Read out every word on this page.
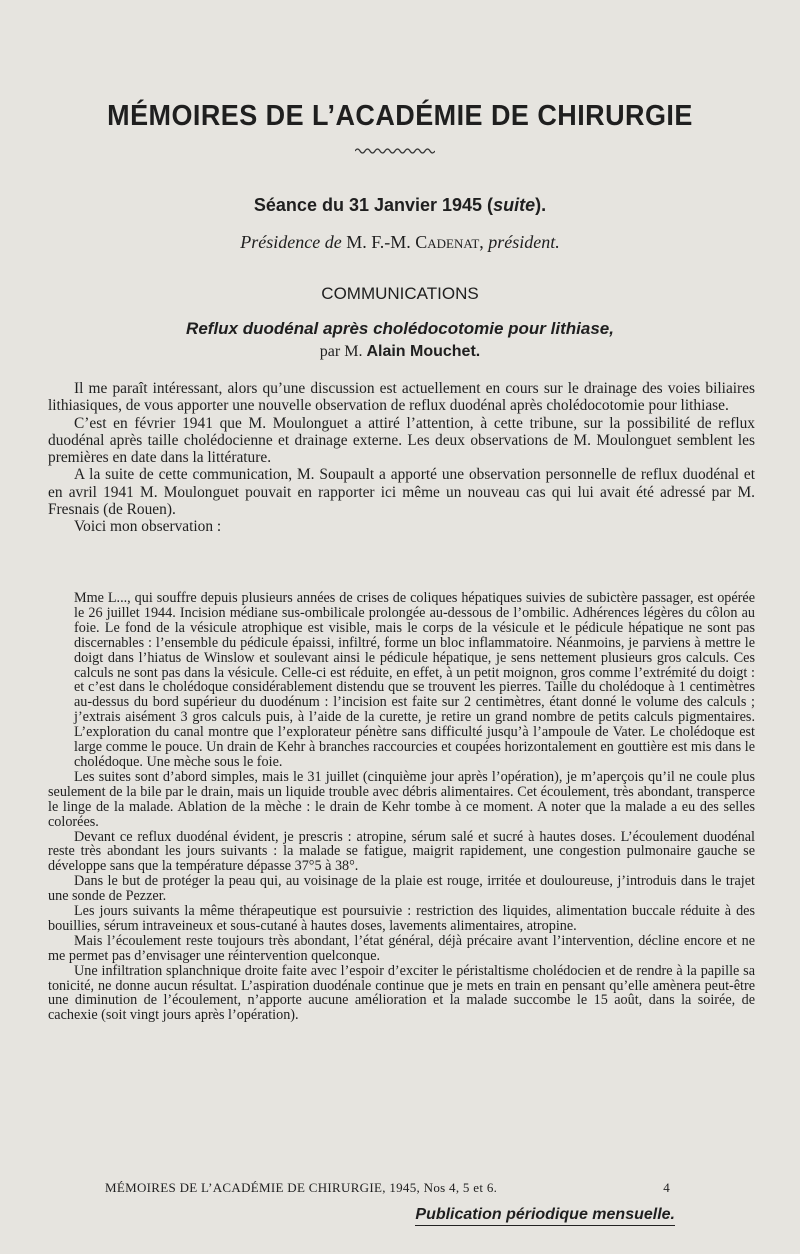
MÉMOIRES DE L’ACADÉMIE DE CHIRURGIE
Séance du 31 Janvier 1945 (suite).
Présidence de M. F.-M. Cadenat, président.
COMMUNICATIONS
Reflux duodénal après cholédocotomie pour lithiase,
par M. Alain Mouchet.

Il me paraît intéressant, alors qu’une discussion est actuellement en cours sur le drainage des voies biliaires lithiasiques, de vous apporter une nouvelle observation de reflux duodénal après cholédocotomie pour lithiase.

C’est en février 1941 que M. Moulonguet a attiré l’attention, à cette tribune, sur la possibilité de reflux duodénal après taille cholédocienne et drainage externe. Les deux observations de M. Moulonguet semblent les premières en date dans la littérature.

A la suite de cette communication, M. Soupault a apporté une observation personnelle de reflux duodénal et en avril 1941 M. Moulonguet pouvait en rapporter ici même un nouveau cas qui lui avait été adressé par M. Fresnais (de Rouen).

Voici mon observation :

Mme L..., qui souffre depuis plusieurs années de crises de coliques hépatiques suivies de subictère passager, est opérée le 26 juillet 1944. Incision médiane sus-ombilicale prolongée au-dessous de l’ombilic. Adhérences légères du côlon au foie. Le fond de la vésicule atrophique est visible, mais le corps de la vésicule et le pédicule hépatique ne sont pas discernables : l’ensemble du pédicule épaissi, infiltré, forme un bloc inflammatoire. Néanmoins, je parviens à mettre le doigt dans l’hiatus de Winslow et soulevant ainsi le pédicule hépatique, je sens nettement plusieurs gros calculs. Ces calculs ne sont pas dans la vésicule. Celle-ci est réduite, en effet, à un petit moignon, gros comme l’extrémité du doigt : et c’est dans le cholédoque considérablement distendu que se trouvent les pierres. Taille du cholédoque à 1 centimètres au-dessus du bord supérieur du duodénum : l’incision est faite sur 2 centimètres, étant donné le volume des calculs ; j’extrais aisément 3 gros calculs puis, à l’aide de la curette, je retire un grand nombre de petits calculs pigmentaires. L’exploration du canal montre que l’explorateur pénètre sans difficulté jusqu’à l’ampoule de Vater. Le cholédoque est large comme le pouce. Un drain de Kehr à branches raccourcies et coupées horizontalement en gouttière est mis dans le cholédoque. Une mèche sous le foie.

Les suites sont d’abord simples, mais le 31 juillet (cinquième jour après l’opération), je m’aperçois qu’il ne coule plus seulement de la bile par le drain, mais un liquide trouble avec débris alimentaires. Cet écoulement, très abondant, transperce le linge de la malade. Ablation de la mèche : le drain de Kehr tombe à ce moment. A noter que la malade a eu des selles colorées.

Devant ce reflux duodénal évident, je prescris : atropine, sérum salé et sucré à hautes doses. L’écoulement duodénal reste très abondant les jours suivants : la malade se fatigue, maigrit rapidement, une congestion pulmonaire gauche se développe sans que la température dépasse 37°5 à 38°.

Dans le but de protéger la peau qui, au voisinage de la plaie est rouge, irritée et douloureuse, j’introduis dans le trajet une sonde de Pezzer.

Les jours suivants la même thérapeutique est poursuivie : restriction des liquides, alimentation buccale réduite à des bouillies, sérum intraveineux et sous-cutané à hautes doses, lavements alimentaires, atropine.

Mais l’écoulement reste toujours très abondant, l’état général, déjà précaire avant l’intervention, décline encore et ne me permet pas d’envisager une réintervention quelconque.

Une infiltration splanchnique droite faite avec l’espoir d’exciter le péristaltisme cholédocien et de rendre à la papille sa tonicité, ne donne aucun résultat. L’aspiration duodénale continue que je mets en train en pensant qu’elle amènera peut-être une diminution de l’écoulement, n’apporte aucune amélioration et la malade succombe le 15 août, dans la soirée, de cachexie (soit vingt jours après l’opération).

MÉMOIRES DE L’ACADÉMIE DE CHIRURGIE, 1945, Nos 4, 5 et 6.	4
Publication périodique mensuelle.
